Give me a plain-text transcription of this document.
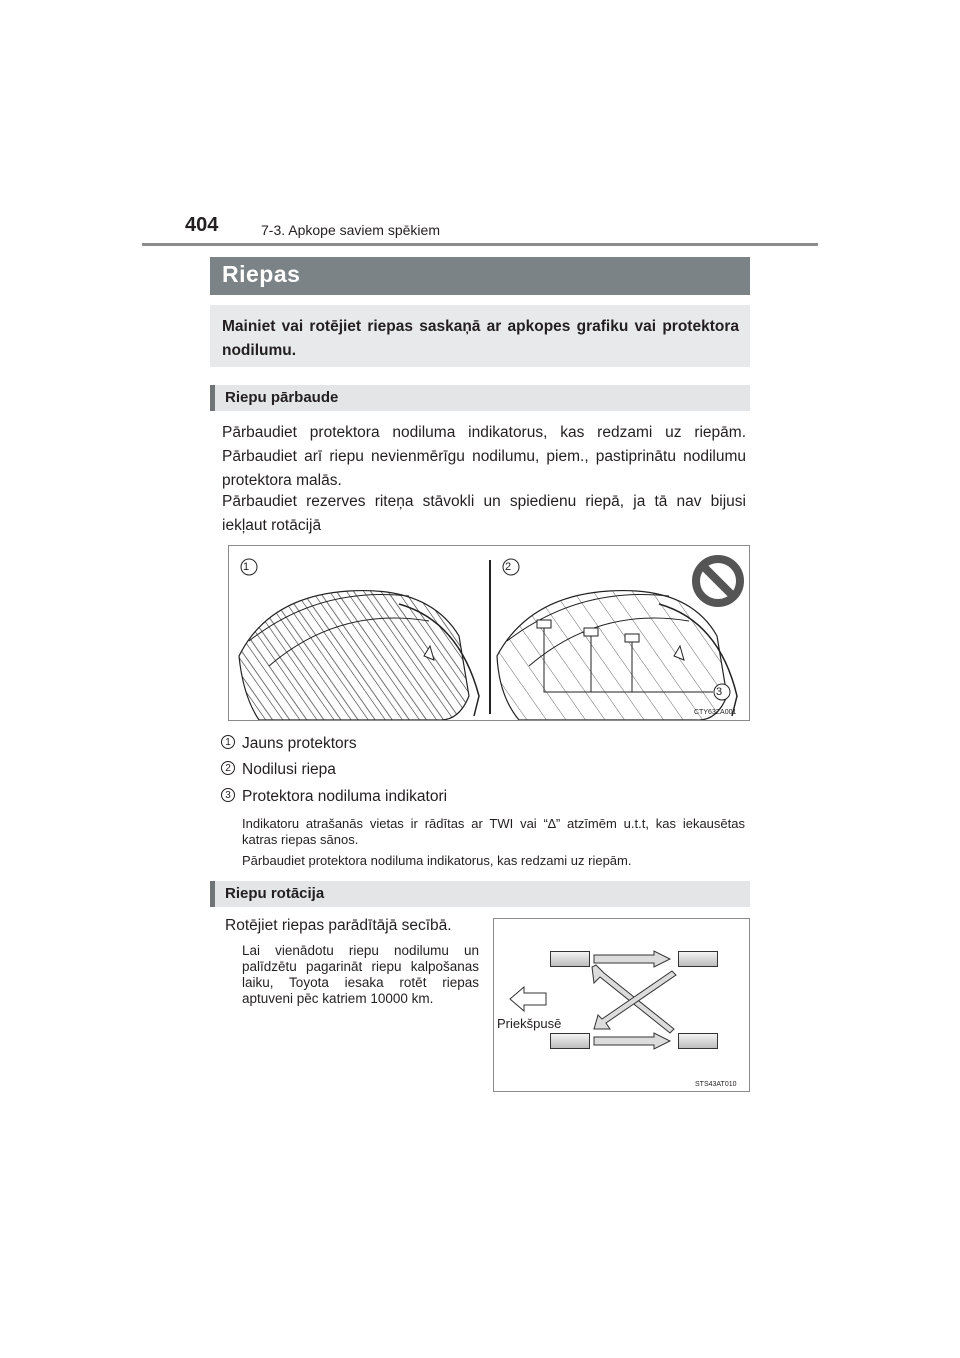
404	7-3. Apkope saviem spēkiem
Riepas

Mainiet vai rotējiet riepas saskaņā ar apkopes grafiku vai protektora nodilumu.

Riepu pārbaude

Pārbaudiet protektora nodiluma indikatorus, kas redzami uz riepām. Pārbaudiet arī riepu nevienmērīgu nodilumu, piem., pastiprinātu nodilumu protektora malās.

Pārbaudiet rezerves riteņa stāvokli un spiedienu riepā, ja tā nav bijusi iekļaut rotācijā

1	2
3
CTY63ZA001
1 Jauns protektors
2 Nodilusi riepa
3 Protektora nodiluma indikatori

Indikatoru atrašanās vietas ir rādītas ar TWI vai “∆” atzīmēm u.t.t, kas iekausētas katras riepas sānos.

Pārbaudiet protektora nodiluma indikatorus, kas redzami uz riepām.

Riepu rotācija
Rotējiet riepas parādītājā secībā.

Lai vienādotu riepu nodilumu un palīdzētu pagarināt riepu kalpošanas laiku, Toyota iesaka rotēt riepas aptuveni pēc katriem 10000 km.

Priekšpusē
STS43AT010
